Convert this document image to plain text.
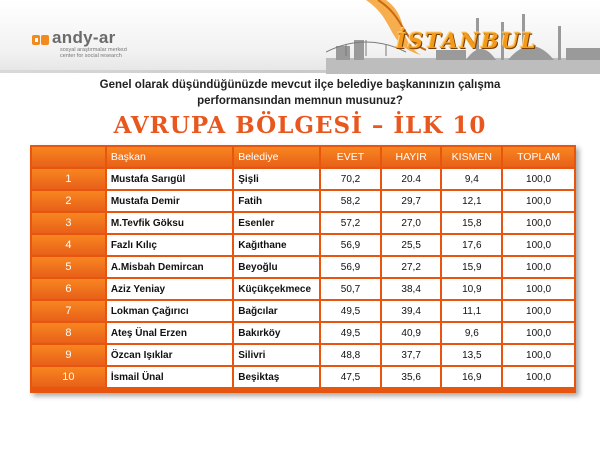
andy-ar
sosyal araştırmalar merkezi
center for social research
İSTANBUL
Genel olarak düşündüğünüzde mevcut ilçe belediye başkanınızın çalışma
performansından memnun musunuz?
AVRUPA BÖLGESİ – İLK 10
	Başkan	Belediye	EVET	HAYIR	KISMEN	TOPLAM
1	Mustafa Sarıgül	Şişli	70,2	20.4	9,4	100,0
2	Mustafa Demir	Fatih	58,2	29,7	12,1	100,0
3	M.Tevfik Göksu	Esenler	57,2	27,0	15,8	100,0
4	Fazlı Kılıç	Kağıthane	56,9	25,5	17,6	100,0
5	A.Misbah Demircan	Beyoğlu	56,9	27,2	15,9	100,0
6	Aziz Yeniay	Küçükçekmece	50,7	38,4	10,9	100,0
7	Lokman Çağırıcı	Bağcılar	49,5	39,4	11,1	100,0
8	Ateş Ünal Erzen	Bakırköy	49,5	40,9	9,6	100,0
9	Özcan Işıklar	Silivri	48,8	37,7	13,5	100,0
10	İsmail Ünal	Beşiktaş	47,5	35,6	16,9	100,0
